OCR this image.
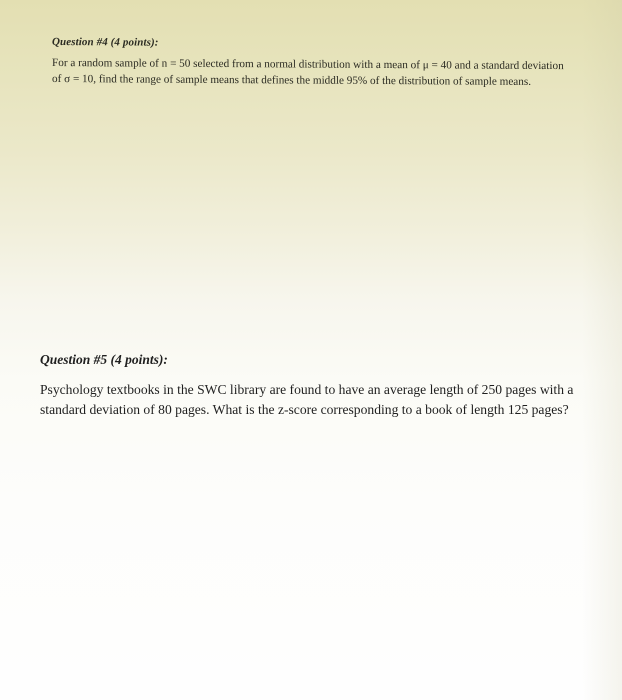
Question #4 (4 points):

For a random sample of n = 50 selected from a normal distribution with a mean of μ = 40 and a standard deviation of σ = 10, find the range of sample means that defines the middle 95% of the distribution of sample means.

Question #5 (4 points):

Psychology textbooks in the SWC library are found to have an average length of 250 pages with a standard deviation of 80 pages. What is the z-score corresponding to a book of length 125 pages?
